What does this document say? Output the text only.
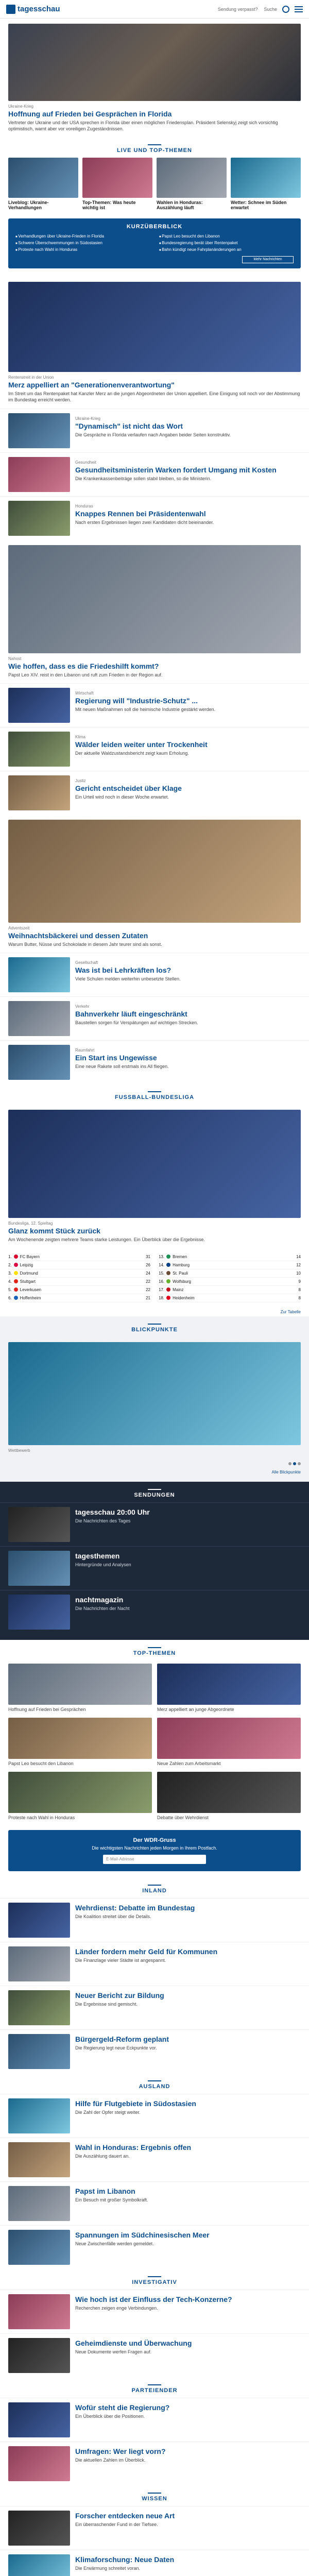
tagesschau	Sendung verpasst? Suche
Ukraine-Krieg
Hoffnung auf Frieden bei Gesprächen in Florida
Vertreter der Ukraine und der USA sprechen in Florida über einen möglichen Friedensplan. Präsident Selenskyj zeigt sich vorsichtig optimistisch, warnt aber vor voreiligen Zugeständnissen.
LIVE UND TOP-THEMEN
Liveblog: Ukraine-Verhandlungen
Top-Themen: Was heute wichtig ist
Wahlen in Honduras: Auszählung läuft
Wetter: Schnee im Süden erwartet
KURZÜBERBLICK
■ Verhandlungen über Ukraine-Frieden in Florida	■ Papst Leo besucht den Libanon
■ Schwere Überschwemmungen in Südostasien	■ Bundesregierung berät über Rentenpaket
■ Proteste nach Wahl in Honduras	■ Bahn kündigt neue Fahrplanänderungen an
Mehr Nachrichten
Rentenstreit in der Union
Merz appelliert an "Generationenverantwortung"
Im Streit um das Rentenpaket hat Kanzler Merz an die jungen Abgeordneten der Union appelliert. Eine Einigung soll noch vor der Abstimmung im Bundestag erreicht werden.
Ukraine-Krieg
"Dynamisch" ist nicht das Wort
Die Gespräche in Florida verlaufen nach Angaben beider Seiten konstruktiv.
Gesundheit
Gesundheitsministerin Warken fordert Umgang mit Kosten
Die Krankenkassenbeiträge sollen stabil bleiben, so die Ministerin.
Honduras
Knappes Rennen bei Präsidentenwahl
Nach ersten Ergebnissen liegen zwei Kandidaten dicht beieinander.
Nahost
Wie hoffen, dass es die Friedeshilft kommt?
Papst Leo XIV. reist in den Libanon und ruft zum Frieden in der Region auf.
Wirtschaft
Regierung will "Industrie-Schutz" ...
Mit neuen Maßnahmen soll die heimische Industrie gestärkt werden.
Klima
Wälder leiden weiter unter Trockenheit
Der aktuelle Waldzustandsbericht zeigt kaum Erholung.
Justiz
Gericht entscheidet über Klage
Ein Urteil wird noch in dieser Woche erwartet.
Adventszeit
Weihnachtsbäckerei und dessen Zutaten
Warum Butter, Nüsse und Schokolade in diesem Jahr teurer sind als sonst.
Gesellschaft
Was ist bei Lehrkräften los?
Viele Schulen melden weiterhin unbesetzte Stellen.
Verkehr
Bahnverkehr läuft eingeschränkt
Baustellen sorgen für Verspätungen auf wichtigen Strecken.
Raumfahrt
Ein Start ins Ungewisse
Eine neue Rakete soll erstmals ins All fliegen.
FUSSBALL-BUNDESLIGA
Bundesliga, 12. Spieltag
Glanz kommt Stück zurück
Am Wochenende zeigten mehrere Teams starke Leistungen. Ein Überblick über die Ergebnisse.
1. FC Bayern	31
2. Leipzig	26
3. Dortmund	24
4. Stuttgart	22
5. Leverkusen	22
6. Hoffenheim	21
13. Bremen	14
14. Hamburg	12
15. St. Pauli	10
16. Wolfsburg	9
17. Mainz	8
18. Heidenheim	8
Zur Tabelle
BLICKPUNKTE
Wettbewerb
Alle Blickpunkte
SENDUNGEN
tagesschau 20:00 Uhr
Die Nachrichten des Tages
tagesthemen
Hintergründe und Analysen
nachtmagazin
Die Nachrichten der Nacht
TOP-THEMEN
Hoffnung auf Frieden bei Gesprächen	Merz appelliert an junge Abgeordnete
Papst Leo besucht den Libanon	Neue Zahlen zum Arbeitsmarkt
Proteste nach Wahl in Honduras	Debatte über Wehrdienst
Der WDR-Gruss
Die wichtigsten Nachrichten jeden Morgen in Ihrem Postfach.
E-Mail-Adresse
INLAND
Wehrdienst: Debatte im Bundestag
Die Koalition streitet über die Details.
Länder fordern mehr Geld für Kommunen
Die Finanzlage vieler Städte ist angespannt.
Neuer Bericht zur Bildung
Die Ergebnisse sind gemischt.
Bürgergeld-Reform geplant
Die Regierung legt neue Eckpunkte vor.
AUSLAND
Hilfe für Flutgebiete in Südostasien
Die Zahl der Opfer steigt weiter.
Wahl in Honduras: Ergebnis offen
Die Auszählung dauert an.
Papst im Libanon
Ein Besuch mit großer Symbolkraft.
Spannungen im Südchinesischen Meer
Neue Zwischenfälle werden gemeldet.
INVESTIGATIV
Wie hoch ist der Einfluss der Tech-Konzerne?
Recherchen zeigen enge Verbindungen.
Geheimdienste und Überwachung
Neue Dokumente werfen Fragen auf.
PARTEIENDER
Wofür steht die Regierung?
Ein Überblick über die Positionen.
Umfragen: Wer liegt vorn?
Die aktuellen Zahlen im Überblick.
WISSEN
Forscher entdecken neue Art
Ein überraschender Fund in der Tiefsee.
Klimaforschung: Neue Daten
Die Erwärmung schreitet voran.
